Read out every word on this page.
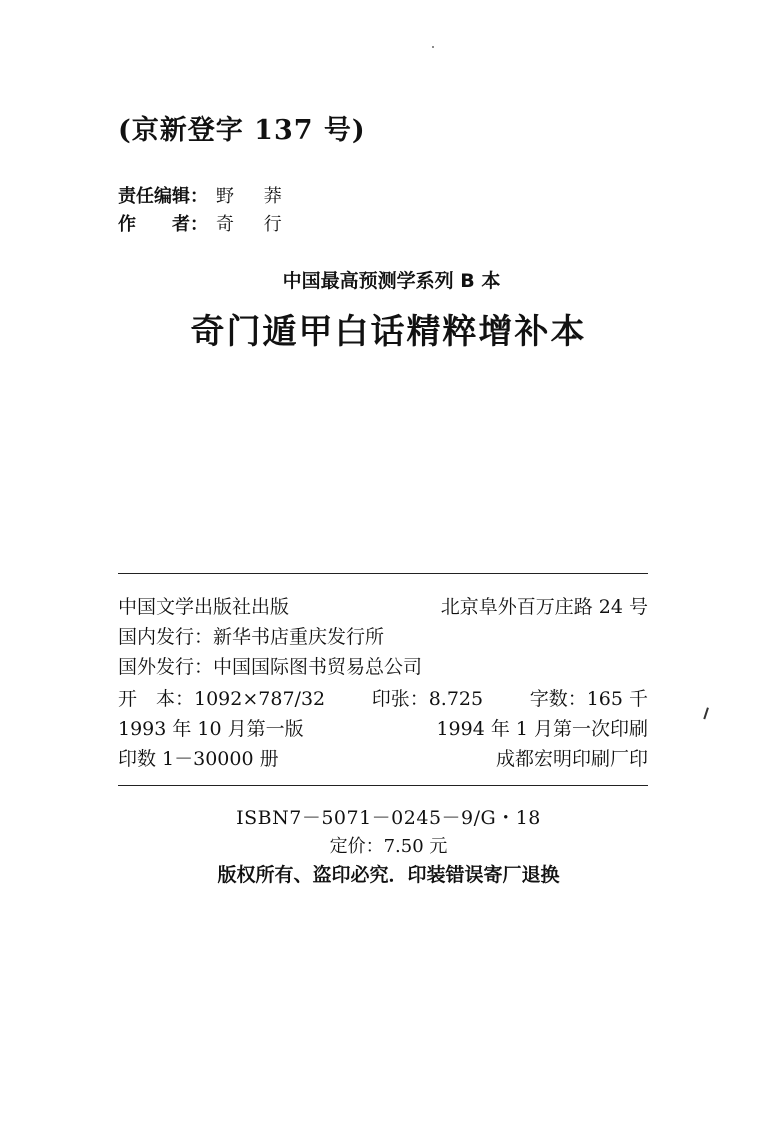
(京新登字 137 号)
责任编辑： 野 莽
作　　者： 奇 行
中国最高预测学系列 B 本
奇门遁甲白话精粹增补本
中国文学出版社出版	北京阜外百万庄路 24 号
国内发行：新华书店重庆发行所
国外发行：中国国际图书贸易总公司
开　本：1092×787/32 印张：8.725 字数：165 千
1993 年 10 月第一版	1994 年 1 月第一次印刷
印数 1－30000 册	成都宏明印刷厂印
ISBN7－5071－0245－9/G・18
定价：7.50 元
版权所有、盗印必究．印装错误寄厂退换
